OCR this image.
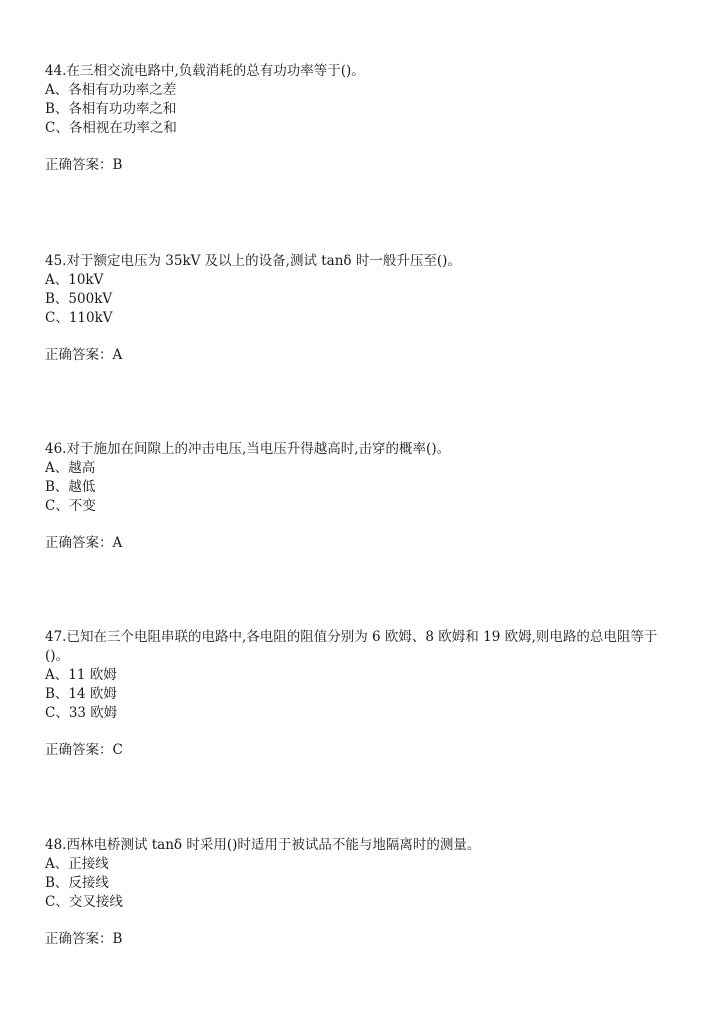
44.在三相交流电路中,负载消耗的总有功功率等于()。
A、各相有功功率之差
B、各相有功功率之和
C、各相视在功率之和
正确答案：B
45.对于额定电压为 35kV 及以上的设备,测试 tanδ 时一般升压至()。
A、10kV
B、500kV
C、110kV
正确答案：A
46.对于施加在间隙上的冲击电压,当电压升得越高时,击穿的概率()。
A、越高
B、越低
C、不变
正确答案：A
47.已知在三个电阻串联的电路中,各电阻的阻值分别为 6 欧姆、8 欧姆和 19 欧姆,则电路的总电阻等于()。
A、11 欧姆
B、14 欧姆
C、33 欧姆
正确答案：C
48.西林电桥测试 tanδ 时采用()时适用于被试品不能与地隔离时的测量。
A、正接线
B、反接线
C、交叉接线
正确答案：B
